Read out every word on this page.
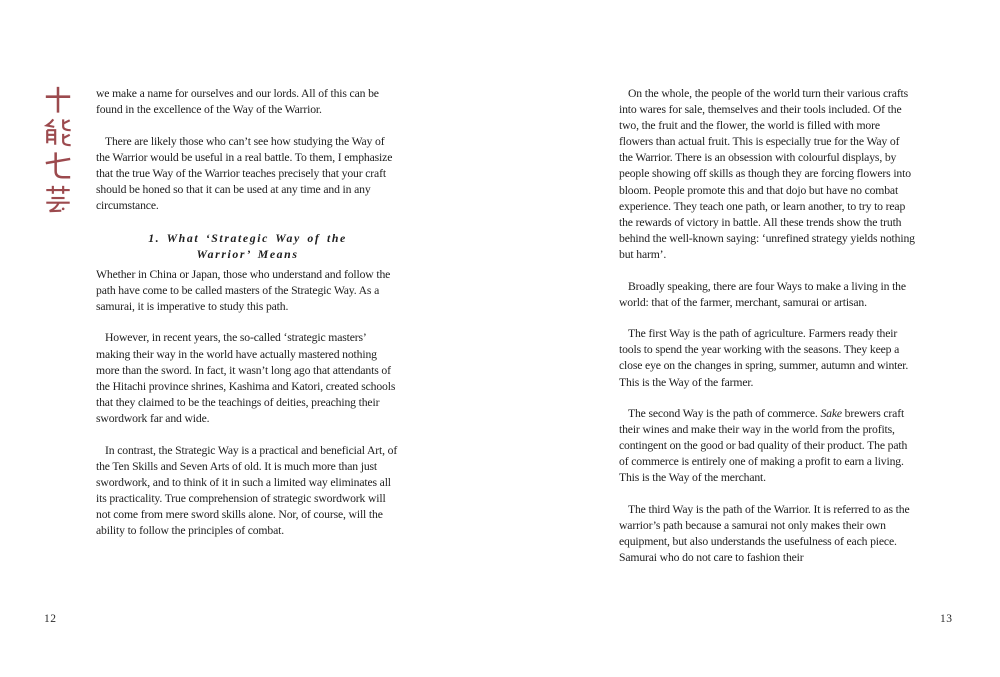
we make a name for ourselves and our lords. All of this can be found in the excellence of the Way of the Warrior.

There are likely those who can’t see how studying the Way of the Warrior would be useful in a real battle. To them, I emphasize that the true Way of the Warrior teaches precisely that your craft should be honed so that it can be used at any time and in any circumstance.

1. What ‘Strategic Way of the
Warrior’ Means

Whether in China or Japan, those who understand and follow the path have come to be called masters of the Strategic Way. As a samurai, it is imperative to study this path.

However, in recent years, the so-called ‘strategic masters’ making their way in the world have actually mastered nothing more than the sword. In fact, it wasn’t long ago that attendants of the Hitachi province shrines, Kashima and Katori, created schools that they claimed to be the teachings of deities, preaching their swordwork far and wide.

In contrast, the Strategic Way is a practical and beneficial Art, of the Ten Skills and Seven Arts of old. It is much more than just swordwork, and to think of it in such a limited way eliminates all its practicality. True comprehension of strategic swordwork will not come from mere sword skills alone. Nor, of course, will the ability to follow the principles of combat.

On the whole, the people of the world turn their various crafts into wares for sale, themselves and their tools included. Of the two, the fruit and the flower, the world is filled with more flowers than actual fruit. This is especially true for the Way of the Warrior. There is an obsession with colourful displays, by people showing off skills as though they are forcing flowers into bloom. People promote this and that dojo but have no combat experience. They teach one path, or learn another, to try to reap the rewards of victory in battle. All these trends show the truth behind the well-known saying: ‘unrefined strategy yields nothing but harm’.

Broadly speaking, there are four Ways to make a living in the world: that of the farmer, merchant, samurai or artisan.

The first Way is the path of agriculture. Farmers ready their tools to spend the year working with the seasons. They keep a close eye on the changes in spring, summer, autumn and winter. This is the Way of the farmer.

The second Way is the path of commerce. Sake brewers craft their wines and make their way in the world from the profits, contingent on the good or bad quality of their product. The path of commerce is entirely one of making a profit to earn a living. This is the Way of the merchant.

The third Way is the path of the Warrior. It is referred to as the warrior’s path because a samurai not only makes their own equipment, but also understands the usefulness of each piece. Samurai who do not care to fashion their

12	13
